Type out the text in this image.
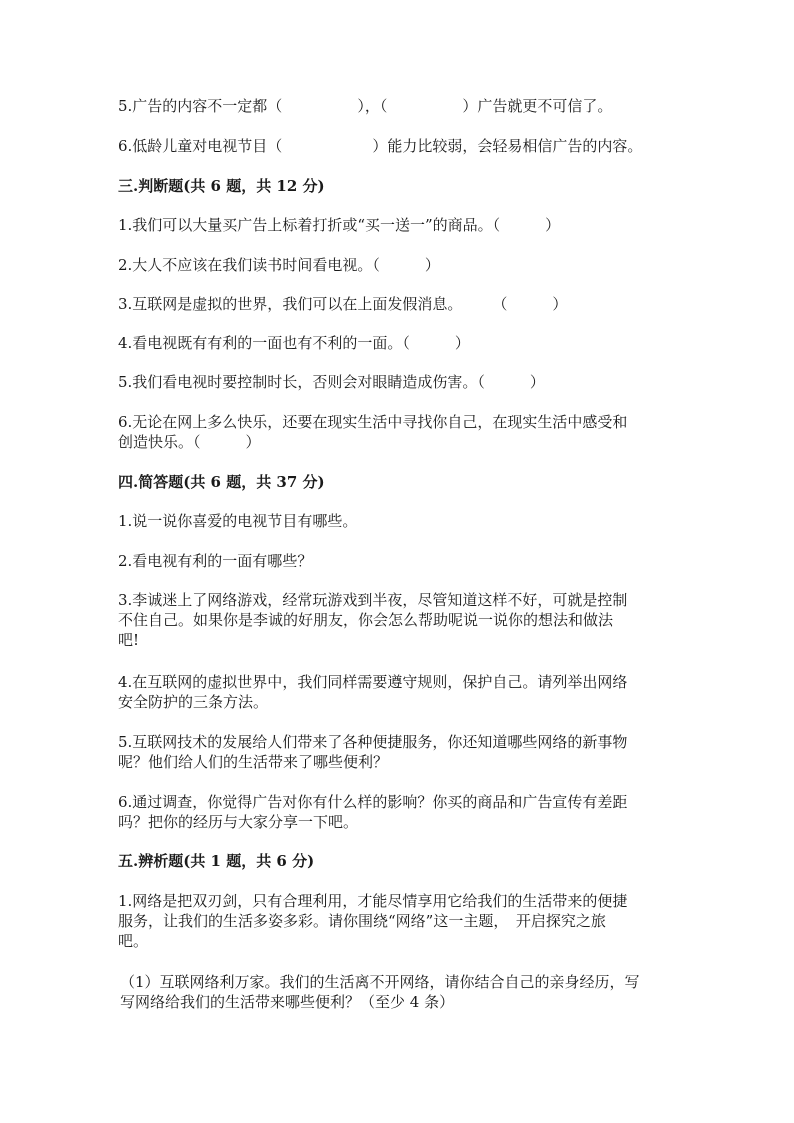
5.广告的内容不一定都（　　　　　），（　　　　　）广告就更不可信了。
6.低龄儿童对电视节目（　　　　　　）能力比较弱，会轻易相信广告的内容。
三.判断题(共 6 题，共 12 分)
1.我们可以大量买广告上标着打折或“买一送一”的商品。（　　　）
2.大人不应该在我们读书时间看电视。（　　　）
3.互联网是虚拟的世界，我们可以在上面发假消息。　　　（　　　）
4.看电视既有有利的一面也有不利的一面。（　　　）
5.我们看电视时要控制时长，否则会对眼睛造成伤害。（　　　）
6.无论在网上多么快乐，还要在现实生活中寻找你自己，在现实生活中感受和
创造快乐。（　　　）
四.简答题(共 6 题，共 37 分)
1.说一说你喜爱的电视节目有哪些。
2.看电视有利的一面有哪些？
3.李诚迷上了网络游戏，经常玩游戏到半夜，尽管知道这样不好，可就是控制
不住自己。如果你是李诚的好朋友，你会怎么帮助呢说一说你的想法和做法
吧!
4.在互联网的虚拟世界中，我们同样需要遵守规则，保护自己。请列举出网络
安全防护的三条方法。
5.互联网技术的发展给人们带来了各种便捷服务，你还知道哪些网络的新事物
呢？他们给人们的生活带来了哪些便利？
6.通过调查，你觉得广告对你有什么样的影响？你买的商品和广告宣传有差距
吗？把你的经历与大家分享一下吧。
五.辨析题(共 1 题，共 6 分)
1.网络是把双刃剑，只有合理利用，才能尽情享用它给我们的生活带来的便捷
服务，让我们的生活多姿多彩。请你围绕“网络”这一主题，　开启探究之旅
吧。
（1）互联网络利万家。我们的生活离不开网络，请你结合自己的亲身经历，写
写网络给我们的生活带来哪些便利？（至少 4 条）
